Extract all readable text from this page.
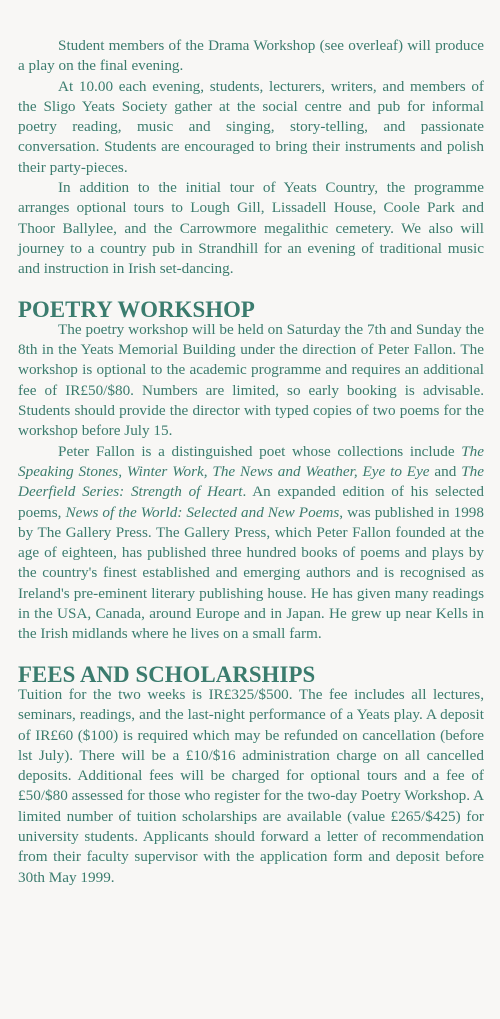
Student members of the Drama Workshop (see overleaf) will produce a play on the final evening.

At 10.00 each evening, students, lecturers, writers, and members of the Sligo Yeats Society gather at the social centre and pub for informal poetry reading, music and singing, story-telling, and passionate conversation. Students are encouraged to bring their instruments and polish their party-pieces.

In addition to the initial tour of Yeats Country, the programme arranges optional tours to Lough Gill, Lissadell House, Coole Park and Thoor Ballylee, and the Carrowmore megalithic cemetery. We also will journey to a country pub in Strandhill for an evening of traditional music and instruction in Irish set-dancing.

POETRY WORKSHOP

The poetry workshop will be held on Saturday the 7th and Sunday the 8th in the Yeats Memorial Building under the direction of Peter Fallon. The workshop is optional to the academic programme and requires an additional fee of IR£50/$80. Numbers are limited, so early booking is advisable. Students should provide the director with typed copies of two poems for the workshop before July 15.

Peter Fallon is a distinguished poet whose collections include The Speaking Stones, Winter Work, The News and Weather, Eye to Eye and The Deerfield Series: Strength of Heart. An expanded edition of his selected poems, News of the World: Selected and New Poems, was published in 1998 by The Gallery Press. The Gallery Press, which Peter Fallon founded at the age of eighteen, has published three hundred books of poems and plays by the country's finest established and emerging authors and is recognised as Ireland's pre-eminent literary publishing house. He has given many readings in the USA, Canada, around Europe and in Japan. He grew up near Kells in the Irish midlands where he lives on a small farm.

FEES AND SCHOLARSHIPS

Tuition for the two weeks is IR£325/$500. The fee includes all lectures, seminars, readings, and the last-night performance of a Yeats play. A deposit of IR£60 ($100) is required which may be refunded on cancellation (before lst July). There will be a £10/$16 administration charge on all cancelled deposits. Additional fees will be charged for optional tours and a fee of £50/$80 assessed for those who register for the two-day Poetry Workshop. A limited number of tuition scholarships are available (value £265/$425) for university students. Applicants should forward a letter of recommendation from their faculty supervisor with the application form and deposit before 30th May 1999.
